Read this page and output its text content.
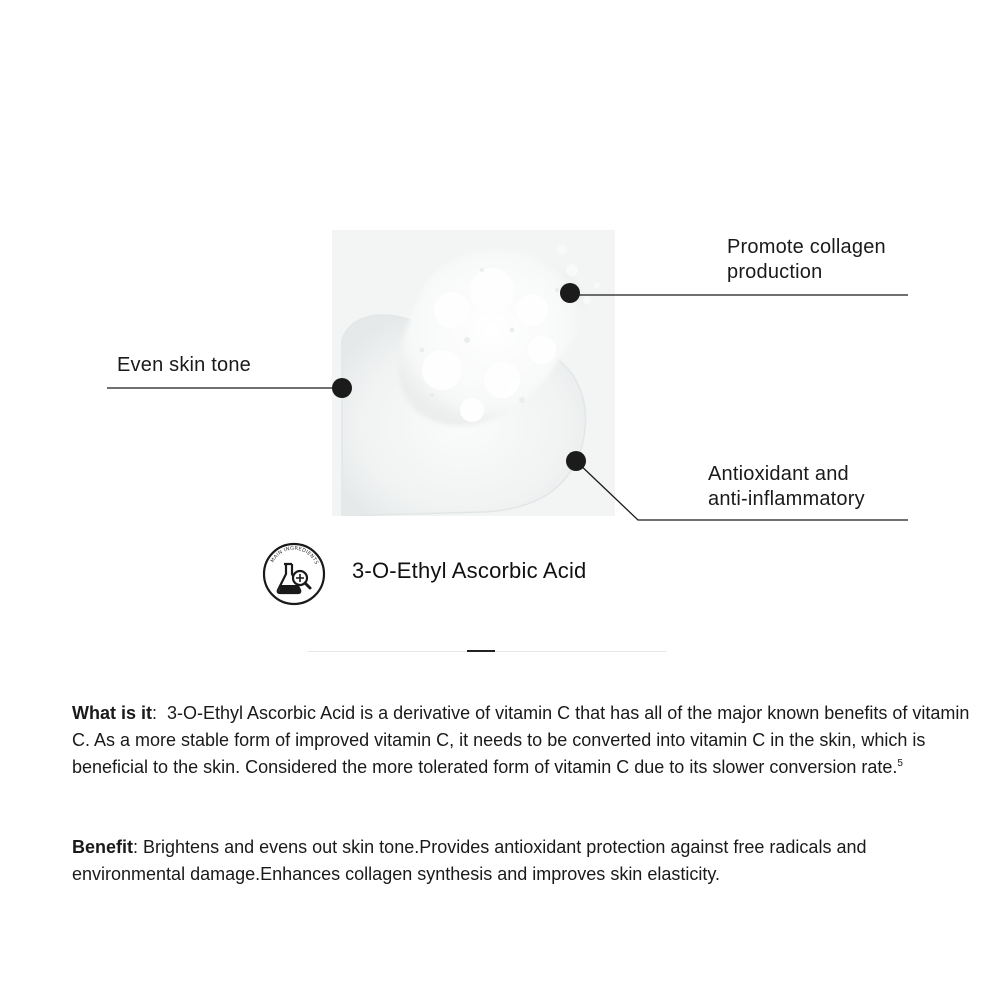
Promote collagen
production
Even skin tone
Antioxidant and
anti-inflammatory
MAIN INGREDIENTS 3-O-Ethyl Ascorbic Acid

What is it:  3-O-Ethyl Ascorbic Acid is a derivative of vitamin C that has all of the major known benefits of vitamin C. As a more stable form of improved vitamin C, it needs to be converted into vitamin C in the skin, which is beneficial to the skin. Considered the more tolerated form of vitamin C due to its slower conversion rate.$^5$

Benefit: Brightens and evens out skin tone.Provides antioxidant protection against free radicals and environmental damage.Enhances collagen synthesis and improves skin elasticity.
